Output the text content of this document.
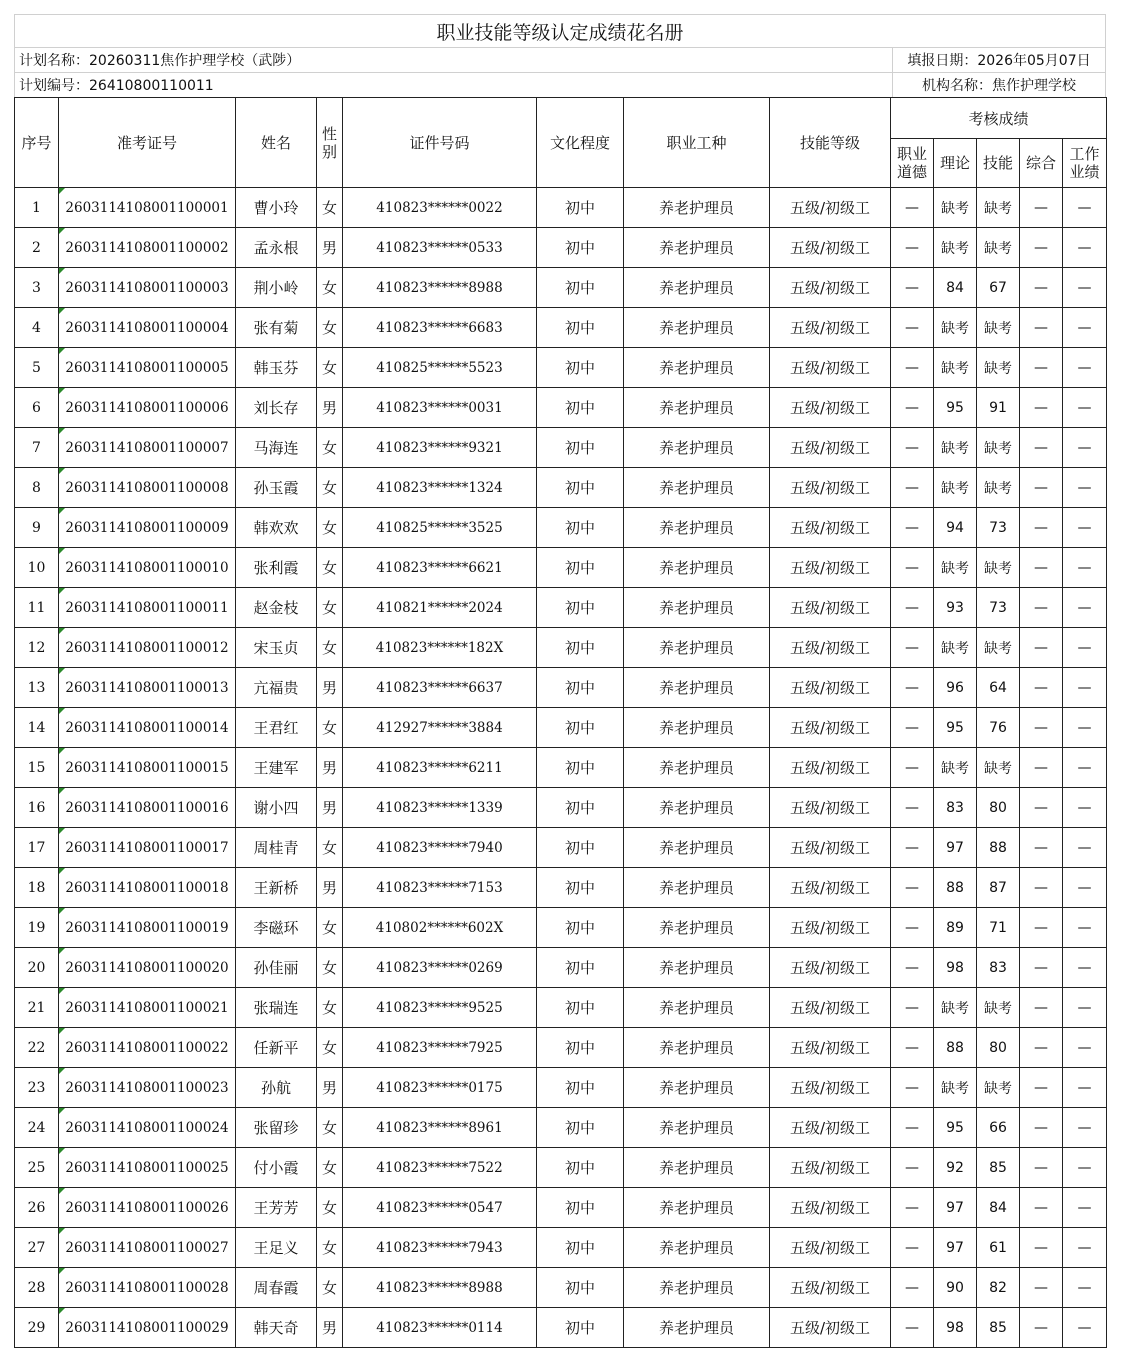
职业技能等级认定成绩花名册
计划名称：20260311焦作护理学校（武陟）	填报日期： 2026年05月07日
计划编号：26410800110011	机构名称： 焦作护理学校
序号	准考证号	姓名	性别	证件号码	文化程度	职业工种	技能等级	考核成绩				
								职业道德	理论	技能	综合	工作业绩
1	2603114108001100001	曹小玲	女	410823******0022	初中	养老护理员	五级/初级工	—	缺考	缺考	—	—
2	2603114108001100002	孟永根	男	410823******0533	初中	养老护理员	五级/初级工	—	缺考	缺考	—	—
3	2603114108001100003	荆小岭	女	410823******8988	初中	养老护理员	五级/初级工	—	84	67	—	—
4	2603114108001100004	张有菊	女	410823******6683	初中	养老护理员	五级/初级工	—	缺考	缺考	—	—
5	2603114108001100005	韩玉芬	女	410825******5523	初中	养老护理员	五级/初级工	—	缺考	缺考	—	—
6	2603114108001100006	刘长存	男	410823******0031	初中	养老护理员	五级/初级工	—	95	91	—	—
7	2603114108001100007	马海连	女	410823******9321	初中	养老护理员	五级/初级工	—	缺考	缺考	—	—
8	2603114108001100008	孙玉霞	女	410823******1324	初中	养老护理员	五级/初级工	—	缺考	缺考	—	—
9	2603114108001100009	韩欢欢	女	410825******3525	初中	养老护理员	五级/初级工	—	94	73	—	—
10	2603114108001100010	张利霞	女	410823******6621	初中	养老护理员	五级/初级工	—	缺考	缺考	—	—
11	2603114108001100011	赵金枝	女	410821******2024	初中	养老护理员	五级/初级工	—	93	73	—	—
12	2603114108001100012	宋玉贞	女	410823******182X	初中	养老护理员	五级/初级工	—	缺考	缺考	—	—
13	2603114108001100013	亢福贵	男	410823******6637	初中	养老护理员	五级/初级工	—	96	64	—	—
14	2603114108001100014	王君红	女	412927******3884	初中	养老护理员	五级/初级工	—	95	76	—	—
15	2603114108001100015	王建军	男	410823******6211	初中	养老护理员	五级/初级工	—	缺考	缺考	—	—
16	2603114108001100016	谢小四	男	410823******1339	初中	养老护理员	五级/初级工	—	83	80	—	—
17	2603114108001100017	周桂青	女	410823******7940	初中	养老护理员	五级/初级工	—	97	88	—	—
18	2603114108001100018	王新桥	男	410823******7153	初中	养老护理员	五级/初级工	—	88	87	—	—
19	2603114108001100019	李磁环	女	410802******602X	初中	养老护理员	五级/初级工	—	89	71	—	—
20	2603114108001100020	孙佳丽	女	410823******0269	初中	养老护理员	五级/初级工	—	98	83	—	—
21	2603114108001100021	张瑞连	女	410823******9525	初中	养老护理员	五级/初级工	—	缺考	缺考	—	—
22	2603114108001100022	任新平	女	410823******7925	初中	养老护理员	五级/初级工	—	88	80	—	—
23	2603114108001100023	孙航	男	410823******0175	初中	养老护理员	五级/初级工	—	缺考	缺考	—	—
24	2603114108001100024	张留珍	女	410823******8961	初中	养老护理员	五级/初级工	—	95	66	—	—
25	2603114108001100025	付小霞	女	410823******7522	初中	养老护理员	五级/初级工	—	92	85	—	—
26	2603114108001100026	王芳芳	女	410823******0547	初中	养老护理员	五级/初级工	—	97	84	—	—
27	2603114108001100027	王足义	女	410823******7943	初中	养老护理员	五级/初级工	—	97	61	—	—
28	2603114108001100028	周春霞	女	410823******8988	初中	养老护理员	五级/初级工	—	90	82	—	—
29	2603114108001100029	韩天奇	男	410823******0114	初中	养老护理员	五级/初级工	—	98	85	—	—
